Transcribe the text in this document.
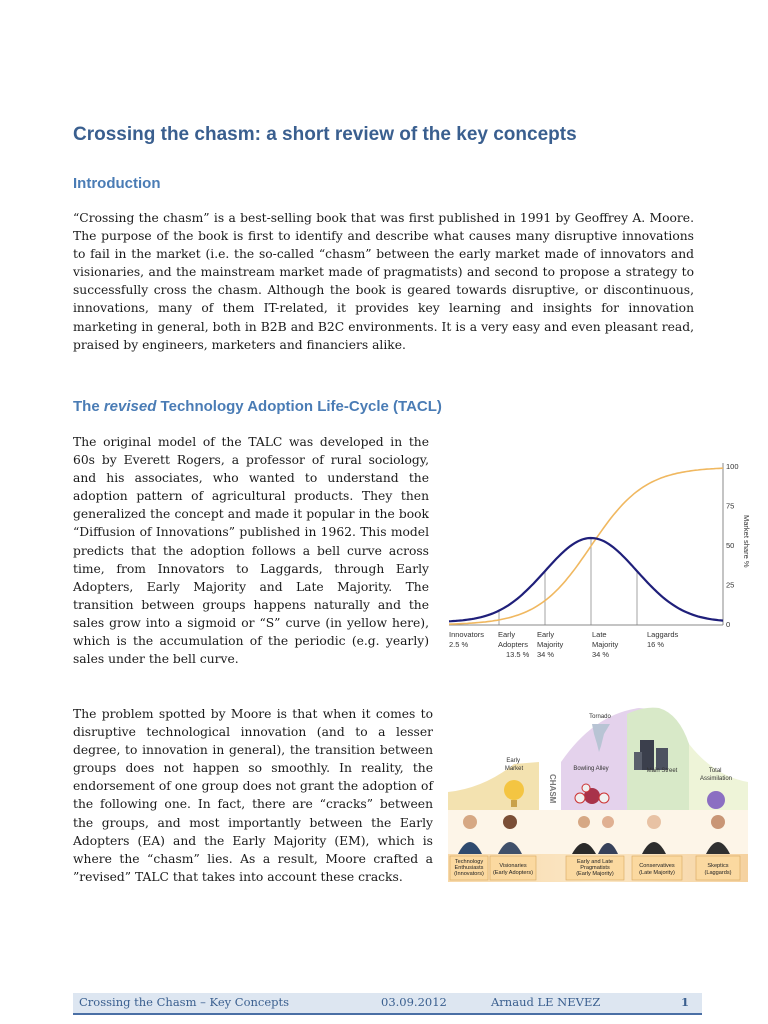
Crossing the chasm: a short review of the key concepts
Introduction

“Crossing the chasm” is a best-selling book that was first published in 1991 by Geoffrey A. Moore. The purpose of the book is first to identify and describe what causes many disruptive innovations to fail in the market (i.e. the so-called “chasm” between the early market made of innovators and visionaries, and the mainstream market made of pragmatists) and second to propose a strategy to successfully cross the chasm. Although the book is geared towards disruptive, or discontinuous, innovations, many of them IT-related, it provides key learning and insights for innovation marketing in general, both in B2B and B2C environments. It is a very easy and even pleasant read, praised by engineers, marketers and financiers alike.

The revised Technology Adoption Life-Cycle (TACL)

The original model of the TALC was developed in the 60s by Everett Rogers, a professor of rural sociology, and his associates, who wanted to understand the adoption pattern of agricultural products. They then generalized the concept and made it popular in the book “Diffusion of Innovations” published in 1962. This model predicts that the adoption follows a bell curve across time, from Innovators to Laggards, through Early Adopters, Early Majority and Late Majority. The transition between groups happens naturally and the sales grow into a sigmoid or “S” curve (in yellow here), which is the accumulation of the periodic (e.g. yearly) sales under the bell curve.

100
75
50
25
0
Market share %
Innovators 2.5 %
Early Adopters 13.5 %
Early Majority 34 %
Late Majority 34 %
Laggards 16 %

The problem spotted by Moore is that when it comes to disruptive technological innovation (and to a lesser degree, to innovation in general), the transition between groups does not happen so smoothly. In reality, the endorsement of one group does not grant the adoption of the following one. In fact, there are “cracks” between the groups, and most importantly between the Early Adopters (EA) and the Early Majority (EM), which is where the “chasm” lies. As a result, Moore crafted a ”revised” TALC that takes into account these cracks.

CHASM
Tornado
Early Market	Bowling Alley	Main Street	Total Assimilation
Technology Enthusiasts (Innovators)
Visionaries (Early Adopters)
Early and Late Pragmatists (Early Majority)
Conservatives (Late Majority)
Skeptics (Laggards)
Crossing the Chasm – Key Concepts	03.09.2012	Arnaud LE NEVEZ	1
